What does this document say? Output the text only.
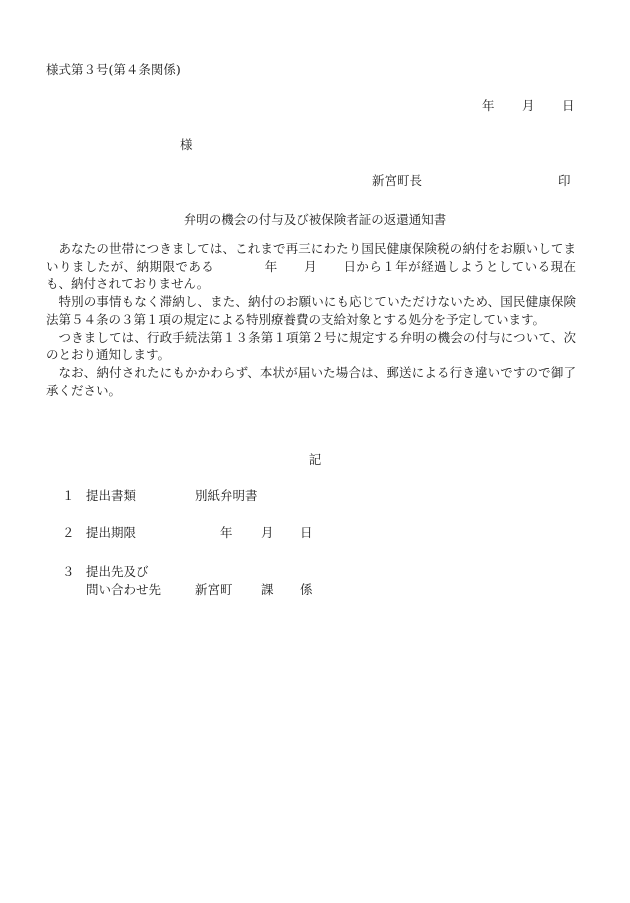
様式第３号(第４条関係)
年 月 日
様
新宮町長	印
弁明の機会の付与及び被保険者証の返還通知書

あなたの世帯につきましては、これまで再三にわたり国民健康保険税の納付をお願いしてまいりましたが、納期限である	年 月 日から１年が経過しようとしている現在も、納付されておりません。

特別の事情もなく滞納し、また、納付のお願いにも応じていただけないため、国民健康保険法第５４条の３第１項の規定による特別療養費の支給対象とする処分を予定しています。

つきましては、行政手続法第１３条第１項第２号に規定する弁明の機会の付与について、次のとおり通知します。

なお、納付されたにもかかわらず、本状が届いた場合は、郵送による行き違いですので御了承ください。

記
１ 提出書類	別紙弁明書
２ 提出期限	年 月 日
３ 提出先及び
問い合わせ先	新宮町 課 係
